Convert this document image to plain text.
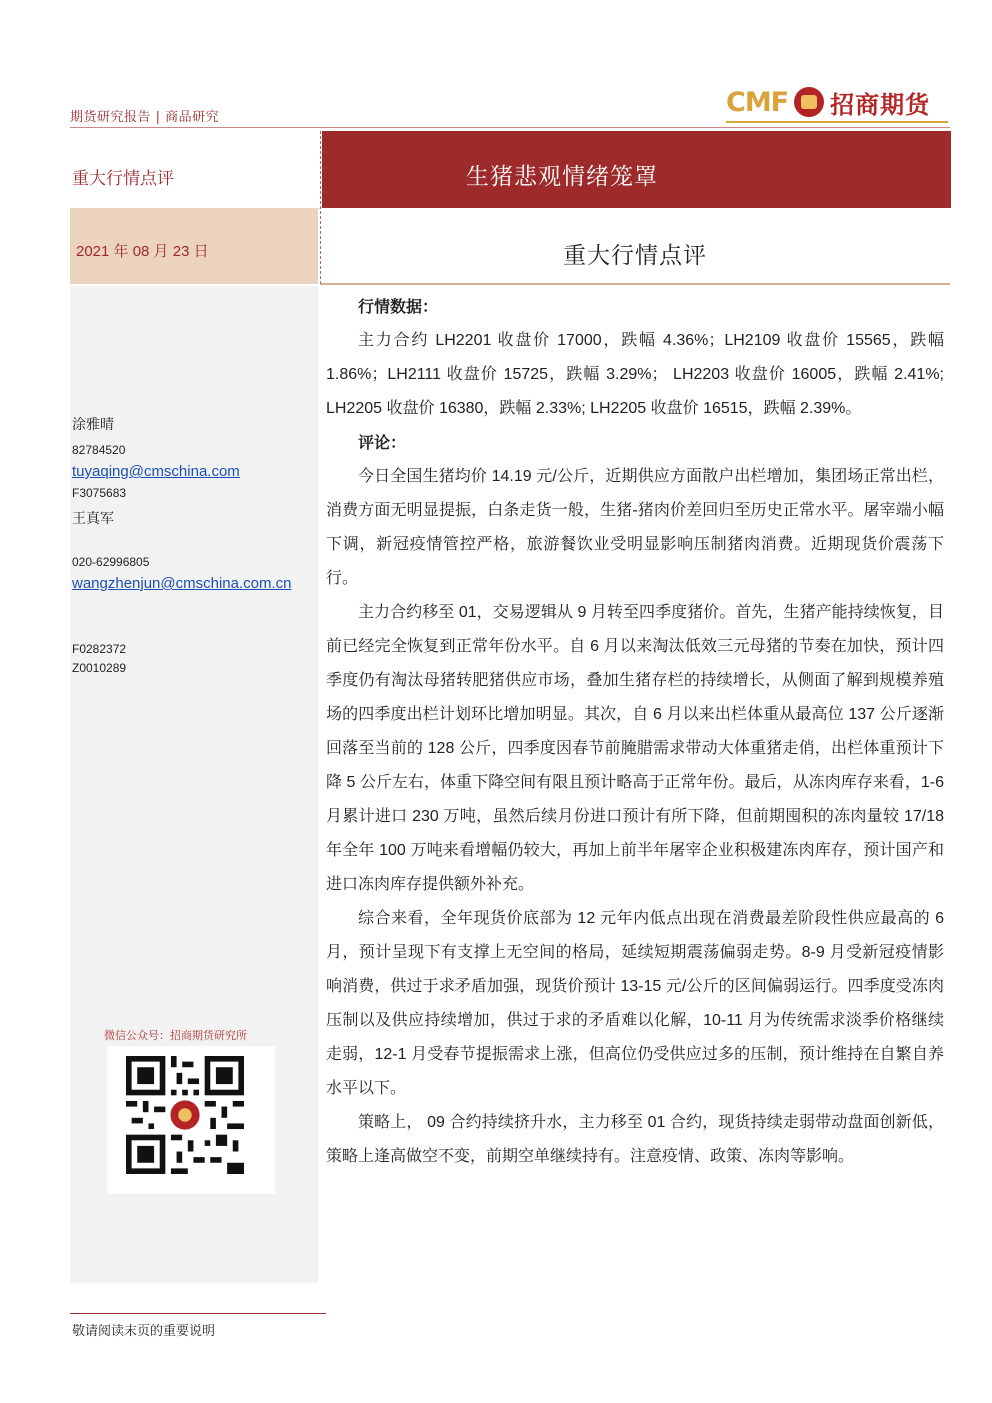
期货研究报告 | 商品研究	CMF 招商期货
重大行情点评	生猪悲观情绪笼罩
2021 年 08 月 23 日	重大行情点评
涂雅晴
82784520
tuyaqing@cmschina.com
F3075683
王真军
020-62996805
wangzhenjun@cmschina.com.cn
F0282372
Z0010289
微信公众号：招商期货研究所

行情数据：

主力合约 LH2201 收盘价 17000，跌幅 4.36%；LH2109 收盘价 15565，跌幅 1.86%；LH2111 收盘价 15725，跌幅 3.29%； LH2203 收盘价 16005，跌幅 2.41%; LH2205 收盘价 16380，跌幅 2.33%; LH2205 收盘价 16515，跌幅 2.39%。

评论：

今日全国生猪均价 14.19 元/公斤，近期供应方面散户出栏增加，集团场正常出栏，消费方面无明显提振，白条走货一般，生猪-猪肉价差回归至历史正常水平。屠宰端小幅下调，新冠疫情管控严格，旅游餐饮业受明显影响压制猪肉消费。近期现货价震荡下行。

主力合约移至 01，交易逻辑从 9 月转至四季度猪价。首先，生猪产能持续恢复，目前已经完全恢复到正常年份水平。自 6 月以来淘汰低效三元母猪的节奏在加快，预计四季度仍有淘汰母猪转肥猪供应市场，叠加生猪存栏的持续增长，从侧面了解到规模养殖场的四季度出栏计划环比增加明显。其次，自 6 月以来出栏体重从最高位 137 公斤逐渐回落至当前的 128 公斤，四季度因春节前腌腊需求带动大体重猪走俏，出栏体重预计下降 5 公斤左右，体重下降空间有限且预计略高于正常年份。最后，从冻肉库存来看，1-6 月累计进口 230 万吨，虽然后续月份进口预计有所下降，但前期囤积的冻肉量较 17/18 年全年 100 万吨来看增幅仍较大，再加上前半年屠宰企业积极建冻肉库存，预计国产和进口冻肉库存提供额外补充。

综合来看，全年现货价底部为 12 元年内低点出现在消费最差阶段性供应最高的 6 月，预计呈现下有支撑上无空间的格局，延续短期震荡偏弱走势。8-9 月受新冠疫情影响消费，供过于求矛盾加强，现货价预计 13-15 元/公斤的区间偏弱运行。四季度受冻肉压制以及供应持续增加，供过于求的矛盾难以化解，10-11 月为传统需求淡季价格继续走弱，12-1 月受春节提振需求上涨，但高位仍受供应过多的压制，预计维持在自繁自养水平以下。

策略上， 09 合约持续挤升水，主力移至 01 合约，现货持续走弱带动盘面创新低，策略上逢高做空不变，前期空单继续持有。注意疫情、政策、冻肉等影响。

敬请阅读末页的重要说明
